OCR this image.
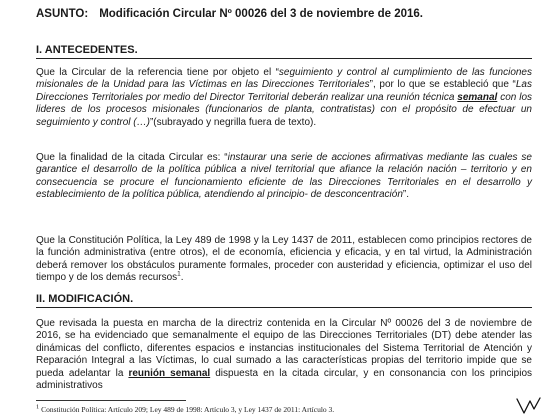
ASUNTO: Modificación Circular Nº 00026 del 3 de noviembre de 2016.
I. ANTECEDENTES.

Que la Circular de la referencia tiene por objeto el “seguimiento y control al cumplimiento de las funciones misionales de la Unidad para las Víctimas en las Direcciones Territoriales”, por lo que se estableció que “Las Direcciones Territoriales por medio del Director Territorial deberán realizar una reunión técnica semanal con los lideres de los procesos misionales (funcionarios de planta, contratistas) con el propósito de efectuar un seguimiento y control (…)”(subrayado y negrilla fuera de texto).

Que la finalidad de la citada Circular es: “instaurar una serie de acciones afirmativas mediante las cuales se garantice el desarrollo de la política pública a nivel territorial que afiance la relación nación – territorio y en consecuencia se procure el funcionamiento eficiente de las Direcciones Territoriales en el desarrollo y establecimiento de la política pública, atendiendo al principio- de desconcentración”.

Que la Constitución Política, la Ley 489 de 1998 y la Ley 1437 de 2011, establecen como principios rectores de la función administrativa (entre otros), el de economía, eficiencia y eficacia, y en tal virtud, la Administración deberá remover los obstáculos puramente formales, proceder con austeridad y eficiencia, optimizar el uso del tiempo y de los demás recursos$^1$.

II. MODIFICACIÓN.

Que revisada la puesta en marcha de la directriz contenida en la Circular Nº 00026 del 3 de noviembre de 2016, se ha evidenciado que semanalmente el equipo de las Direcciones Territoriales (DT) debe atender las dinámicas del conflicto, diferentes espacios e instancias institucionales del Sistema Territorial de Atención y Reparación Integral a las Víctimas, lo cual sumado a las características propias del territorio impide que se pueda adelantar la reunión semanal dispuesta en la citada circular, y en consonancia con los principios administrativos

$^1$ Constitución Política: Artículo 209; Ley 489 de 1998: Artículo 3, y Ley 1437 de 2011: Artículo 3.
